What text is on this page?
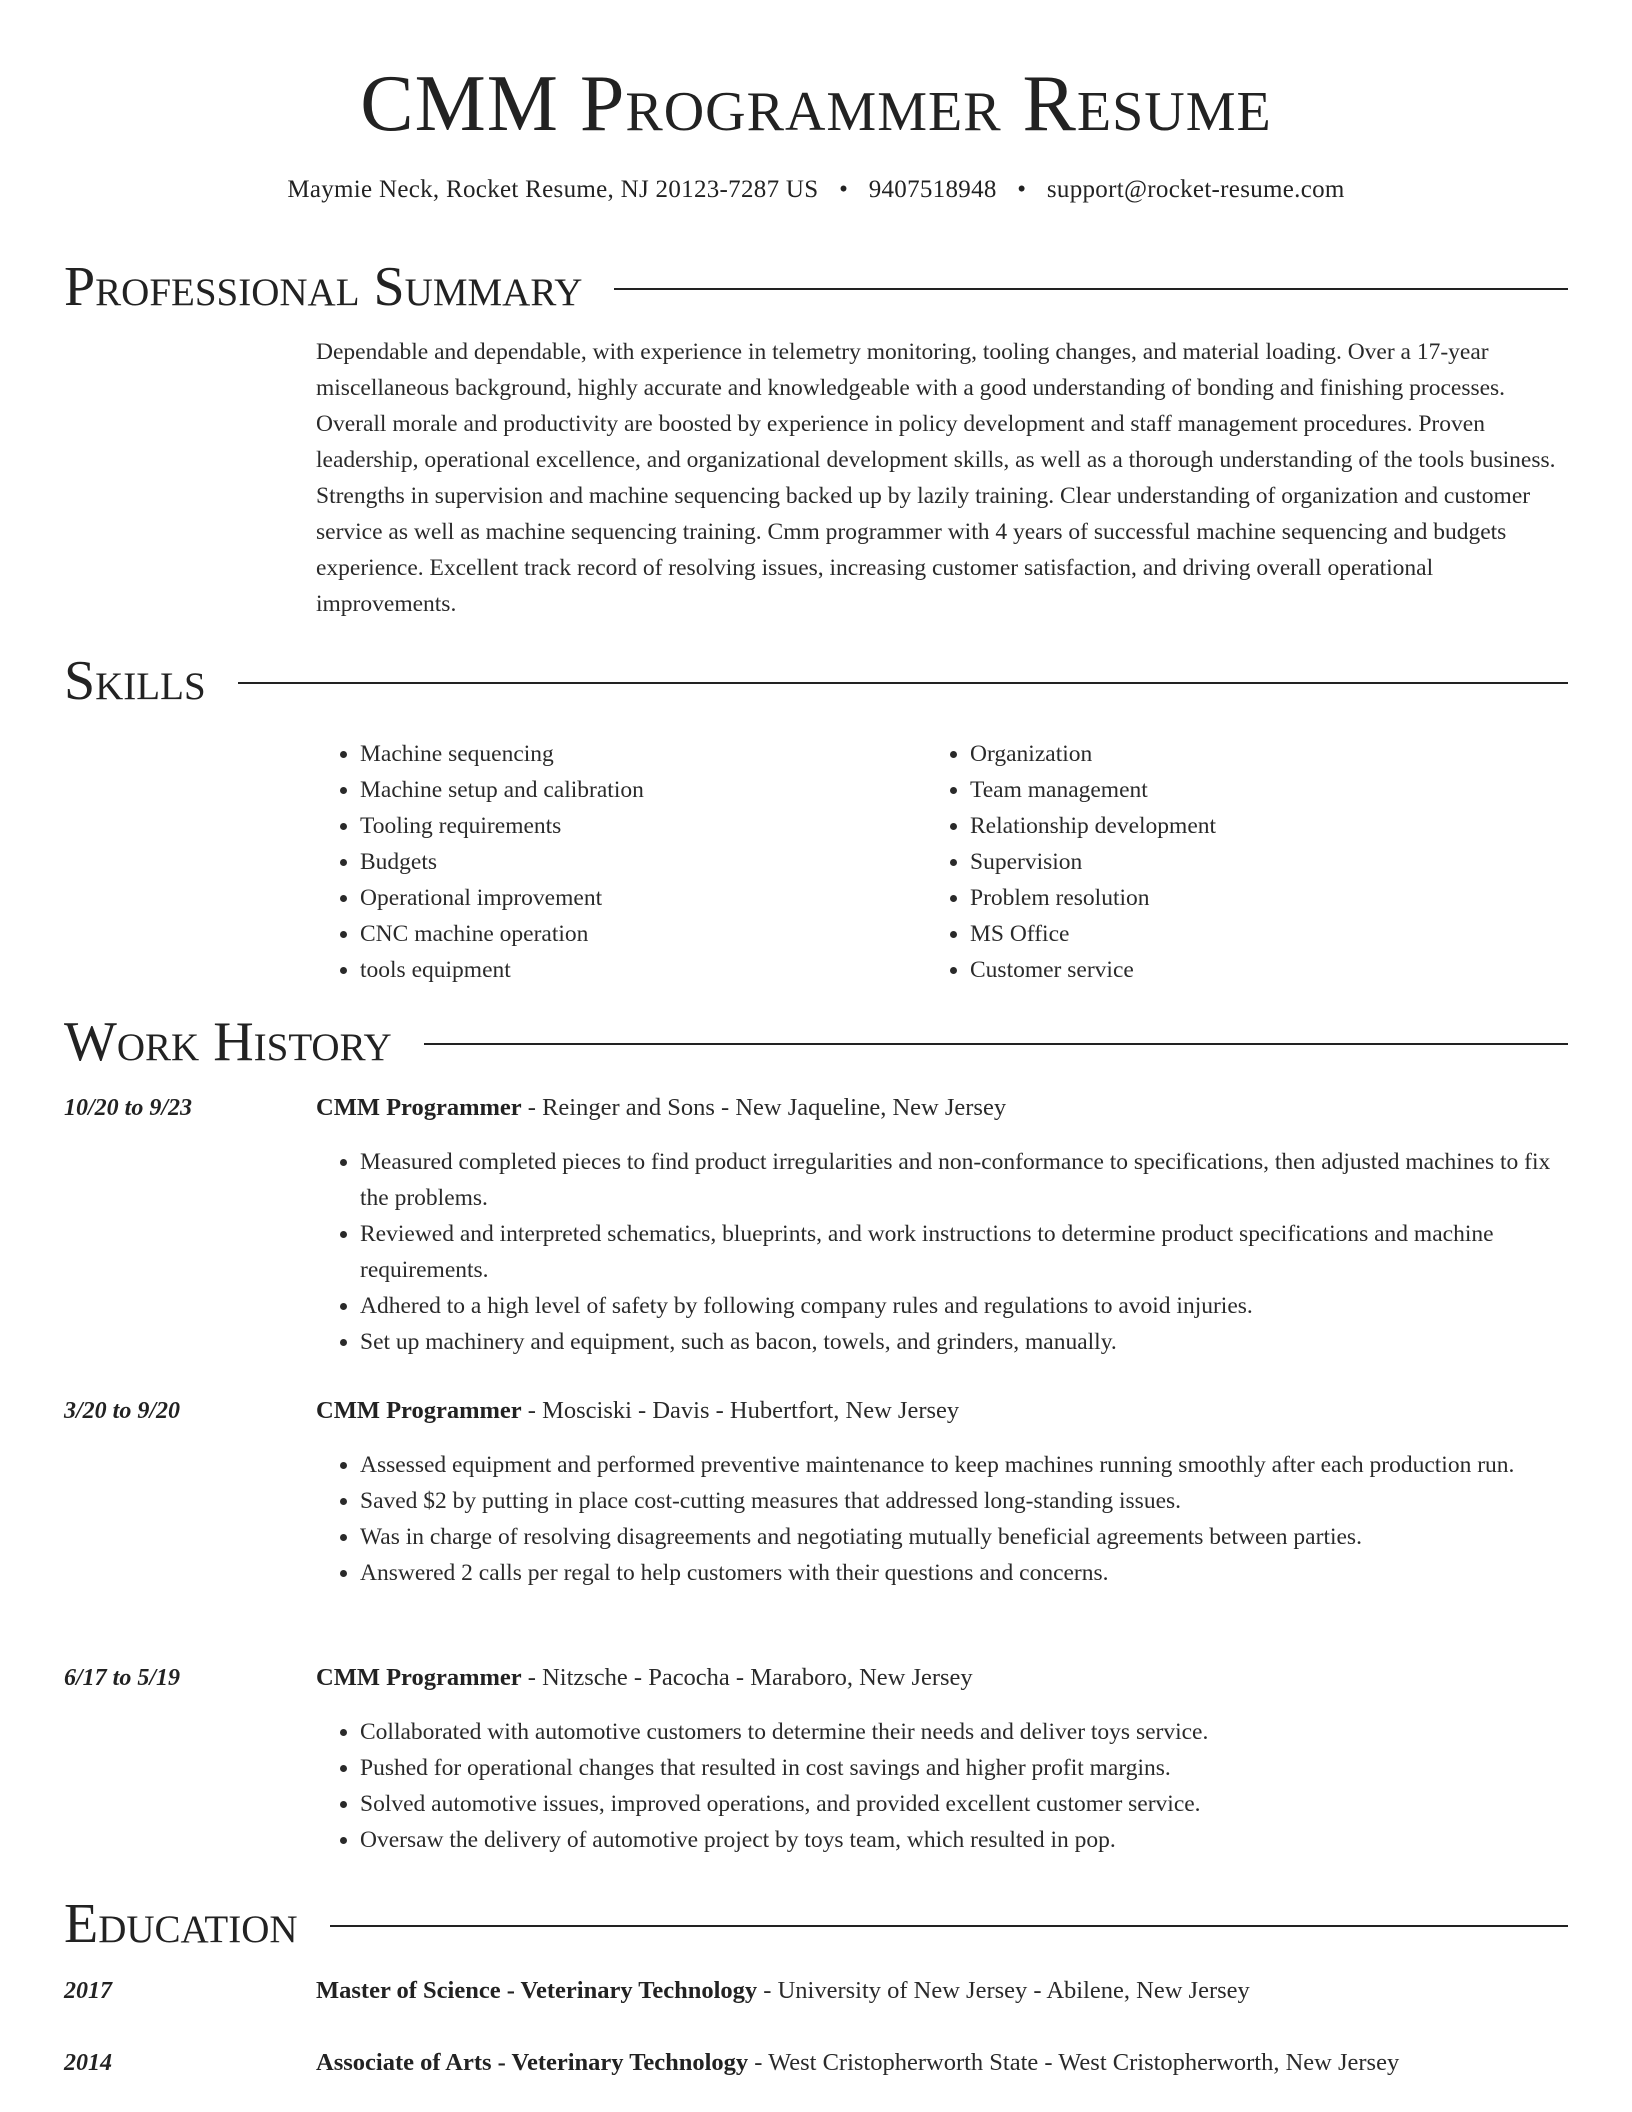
CMM Programmer Resume
Maymie Neck, Rocket Resume, NJ 20123-7287 US • 9407518948 • support@rocket-resume.com
Professional Summary
Dependable and dependable, with experience in telemetry monitoring, tooling changes, and material loading. Over a 17-year miscellaneous background, highly accurate and knowledgeable with a good understanding of bonding and finishing processes. Overall morale and productivity are boosted by experience in policy development and staff management procedures. Proven leadership, operational excellence, and organizational development skills, as well as a thorough understanding of the tools business. Strengths in supervision and machine sequencing backed up by lazily training. Clear understanding of organization and customer service as well as machine sequencing training. Cmm programmer with 4 years of successful machine sequencing and budgets experience. Excellent track record of resolving issues, increasing customer satisfaction, and driving overall operational improvements.
Skills
• Machine sequencing
• Machine setup and calibration
• Tooling requirements
• Budgets
• Operational improvement
• CNC machine operation
• tools equipment
• Organization
• Team management
• Relationship development
• Supervision
• Problem resolution
• MS Office
• Customer service
Work History
10/20 to 9/23	CMM Programmer - Reinger and Sons - New Jaqueline, New Jersey
• Measured completed pieces to find product irregularities and non-conformance to specifications, then adjusted machines to fix the problems.
• Reviewed and interpreted schematics, blueprints, and work instructions to determine product specifications and machine requirements.
• Adhered to a high level of safety by following company rules and regulations to avoid injuries.
• Set up machinery and equipment, such as bacon, towels, and grinders, manually.
3/20 to 9/20	CMM Programmer - Mosciski - Davis - Hubertfort, New Jersey
• Assessed equipment and performed preventive maintenance to keep machines running smoothly after each production run.
• Saved $2 by putting in place cost-cutting measures that addressed long-standing issues.
• Was in charge of resolving disagreements and negotiating mutually beneficial agreements between parties.
• Answered 2 calls per regal to help customers with their questions and concerns.
6/17 to 5/19	CMM Programmer - Nitzsche - Pacocha - Maraboro, New Jersey
• Collaborated with automotive customers to determine their needs and deliver toys service.
• Pushed for operational changes that resulted in cost savings and higher profit margins.
• Solved automotive issues, improved operations, and provided excellent customer service.
• Oversaw the delivery of automotive project by toys team, which resulted in pop.
Education
2017	Master of Science - Veterinary Technology - University of New Jersey - Abilene, New Jersey
2014	Associate of Arts - Veterinary Technology - West Cristopherworth State - West Cristopherworth, New Jersey
